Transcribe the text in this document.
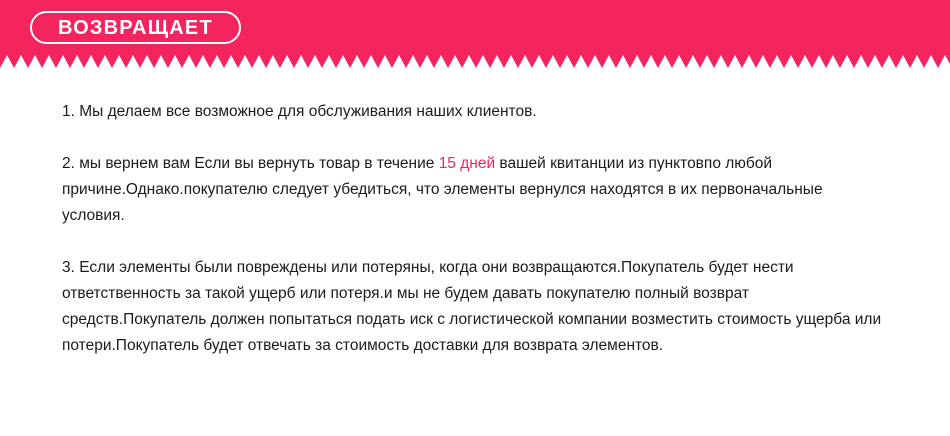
ВОЗВРАЩАЕТ

1. Мы делаем все возможное для обслуживания наших клиентов.

2. мы вернем вам Если вы вернуть товар в течение 15 дней вашей квитанции из пунктовпо любой причине.Однако.покупателю следует убедиться, что элементы вернулся находятся в их первоначальные условия.

3. Если элементы были повреждены или потеряны, когда они возвращаются.Покупатель будет нести ответственность за такой ущерб или потеря.и мы не будем давать покупателю полный возврат средств.Покупатель должен попытаться подать иск с логистической компании возместить стоимость ущерба или потери.Покупатель будет отвечать за стоимость доставки для возврата элементов.
